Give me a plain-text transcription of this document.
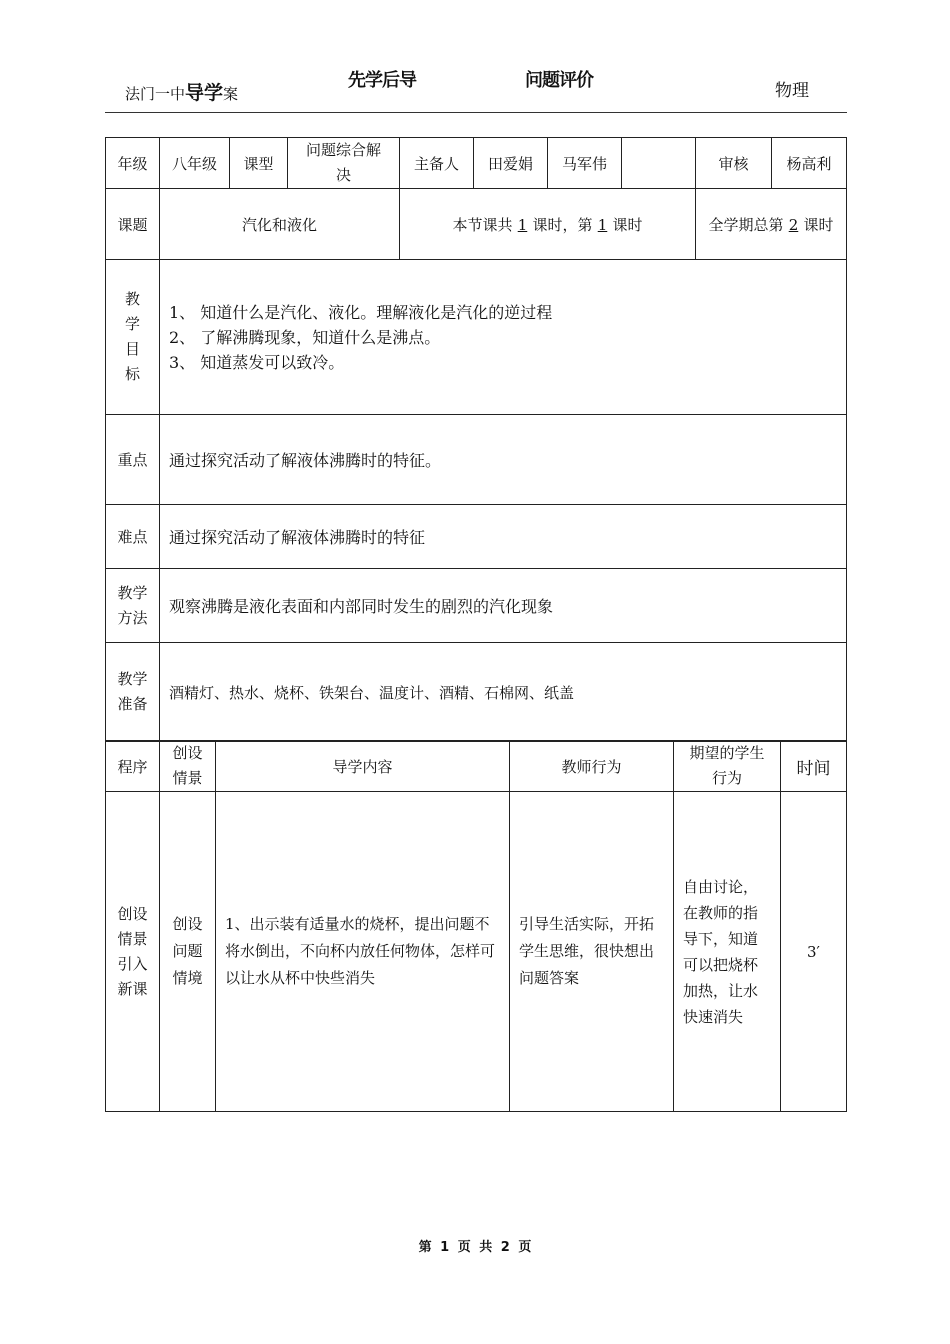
法门一中导学案
先学后导	问题评价	物理
年级	八年级	课型	问题综合解决	主备人	田爱娟	马军伟		审核	杨高利
课题	汽化和液化			本节课共 1 课时，第 1 课时				全学期总第 2 课时	

教学目标	1、 知道什么是汽化、液化。理解液化是汽化的逆过程
2、 了解沸腾现象，知道什么是沸点。
3、 知道蒸发可以致冷。								

重点	通过探究活动了解液体沸腾时的特征。								
难点	通过探究活动了解液体沸腾时的特征								

教学方法	观察沸腾是液化表面和内部同时发生的剧烈的汽化现象								

教学准备	酒精灯、热水、烧杯、铁架台、温度计、酒精、石棉网、纸盖								
程序	创设情景	导学内容	教师行为	期望的学生行为	时间

创设情景引入新课	创设问题情境	1、出示装有适量水的烧杯，提出问题不将水倒出，不向杯内放任何物体，怎样可以让水从杯中快些消失	引导生活实际，开拓学生思维，很快想出问题答案	自由讨论，在教师的指导下，知道可以把烧杯加热，让水快速消失	3′
第 1 页 共 2 页
